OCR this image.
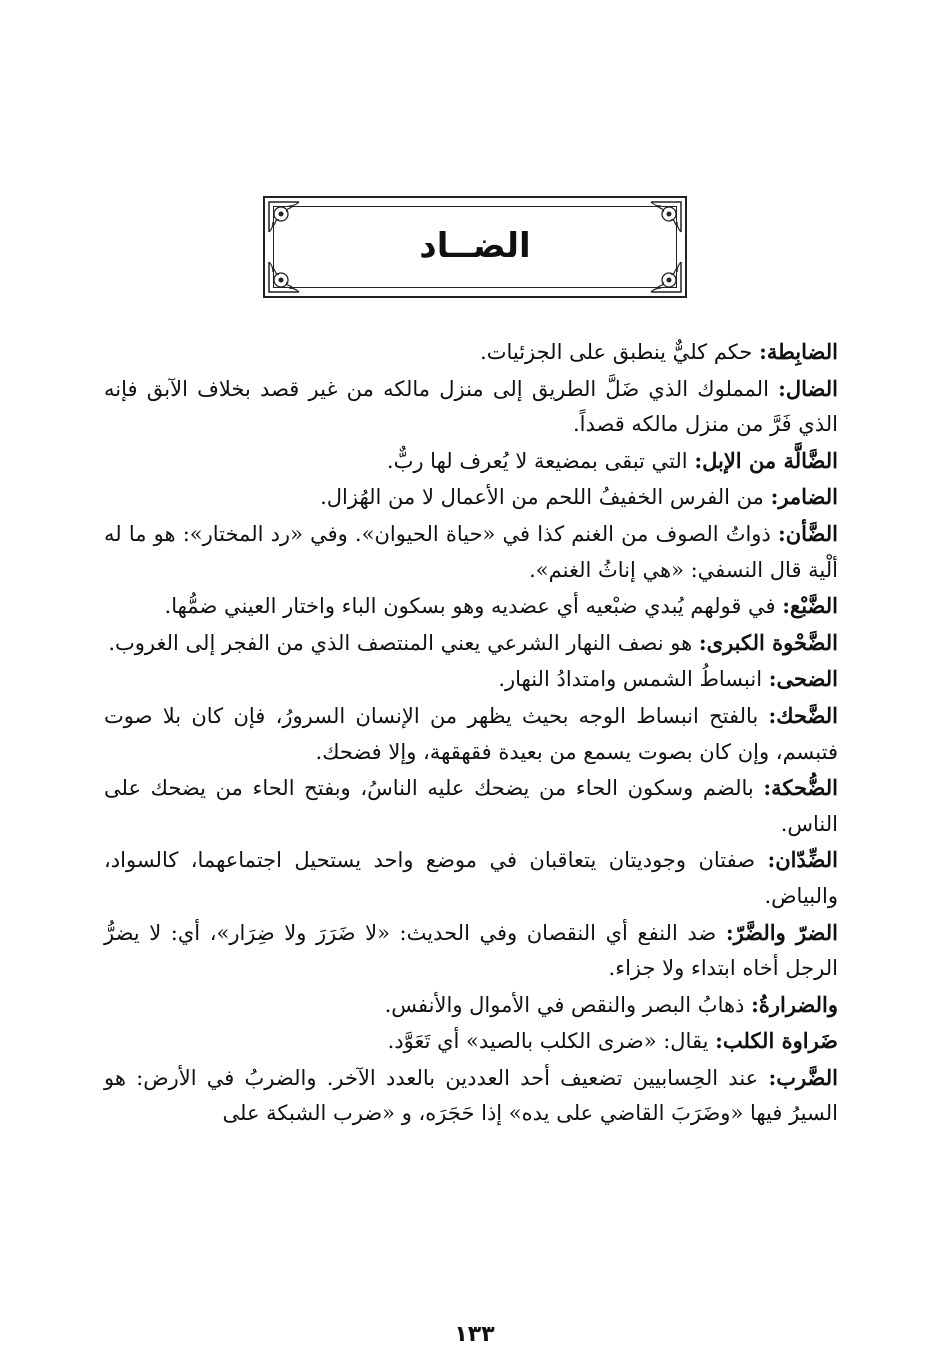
الضــاد
الضابِطة: حكم كليٌّ ينطبق على الجزئيات.
الضال: المملوك الذي ضَلَّ الطريق إلى منزل مالكه من غير قصد بخلاف الآبق فإنه الذي فَرَّ من منزل مالكه قصداً.
الضَّالَّة من الإبل: التي تبقى بمضيعة لا يُعرف لها ربٌّ.
الضامر: من الفرس الخفيفُ اللحم من الأعمال لا من الهُزال.
الضَّأن: ذواتُ الصوف من الغنم كذا في «حياة الحيوان». وفي «رد المختار»: هو ما له ألْية قال النسفي: «هي إناثُ الغنم».
الضَّبْع: في قولهم يُبدي ضبْعيه أي عضديه وهو بسكون الباء واختار العيني ضمُّها.
الضَّحْوة الكبرى: هو نصف النهار الشرعي يعني المنتصف الذي من الفجر إلى الغروب.
الضحى: انبساطُ الشمس وامتدادُ النهار.
الضَّحك: بالفتح انبساط الوجه بحيث يظهر من الإنسان السرورُ، فإن كان بلا صوت فتبسم، وإن كان بصوت يسمع من بعيدة فقهقهة، وإلا فضحك.
الضُّحكة: بالضم وسكون الحاء من يضحك عليه الناسُ، وبفتح الحاء من يضحك على الناس.
الضِّدّان: صفتان وجوديتان يتعاقبان في موضع واحد يستحيل اجتماعهما، كالسواد، والبياض.
الضرّ والضَّرّ: ضد النفع أي النقصان وفي الحديث: «لا ضَرَرَ ولا ضِرَار»، أي: لا يضرُّ الرجل أخاه ابتداء ولا جزاء.
والضرارةُ: ذهابُ البصر والنقص في الأموال والأنفس.
ضَراوة الكلب: يقال: «ضرى الكلب بالصيد» أي تَعَوَّد.
الضَّرب: عند الحِسابيين تضعيف أحد العددين بالعدد الآخر. والضربُ في الأرض: هو السيرُ فيها «وضَرَبَ القاضي على يده» إذا حَجَرَه، و «ضرب الشبكة على
١٣٣
